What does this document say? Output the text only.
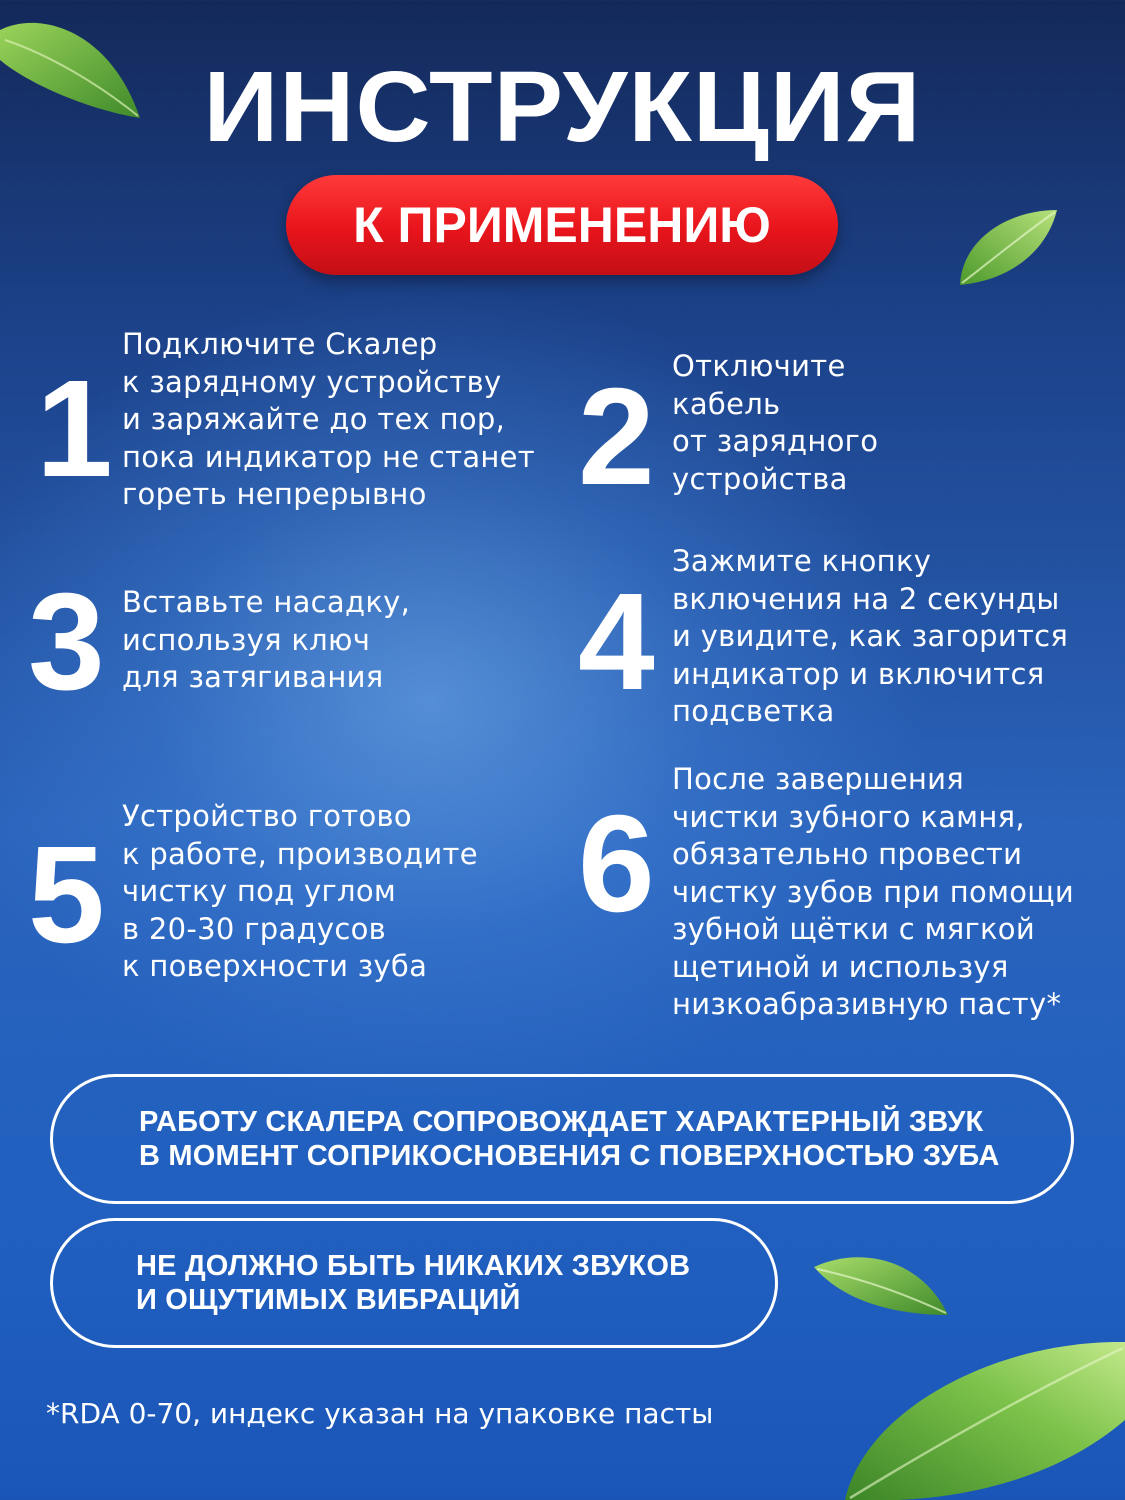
ИНСТРУКЦИЯ
К ПРИМЕНЕНИЮ
1
Подключите Скалер
к зарядному устройству
и заряжайте до тех пор,
пока индикатор не станет
гореть непрерывно	2 Отключите
кабель
от зарядного
устройства
3 Вставьте насадку,
используя ключ
для затягивания 4
Зажмите кнопку
включения на 2 секунды
и увидите, как загорится
индикатор и включится
подсветка
5
Устройство готово
к работе, производите
чистку под углом
в 20-30 градусов
к поверхности зуба
6
После завершения
чистки зубного камня,
обязательно провести
чистку зубов при помощи
зубной щётки с мягкой
щетиной и используя
низкоабразивную пасту*
РАБОТУ СКАЛЕРА СОПРОВОЖДАЕТ ХАРАКТЕРНЫЙ ЗВУК
В МОМЕНТ СОПРИКОСНОВЕНИЯ С ПОВЕРХНОСТЬЮ ЗУБА
НЕ ДОЛЖНО БЫТЬ НИКАКИХ ЗВУКОВ
И ОЩУТИМЫХ ВИБРАЦИЙ
*RDA 0-70, индекс указан на упаковке пасты
